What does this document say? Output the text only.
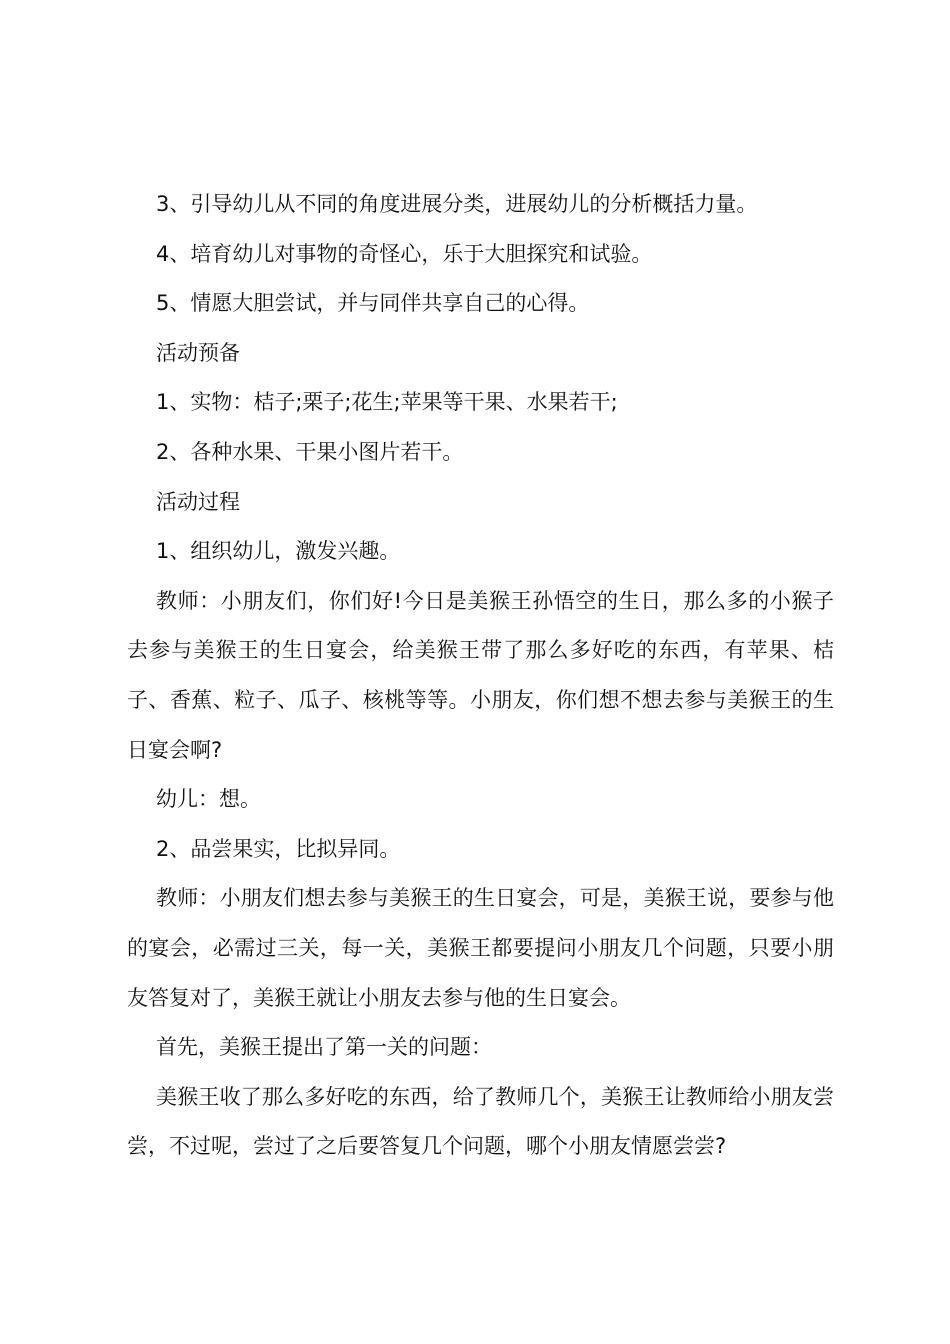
3、引导幼儿从不同的角度进展分类，进展幼儿的分析概括力量。

4、培育幼儿对事物的奇怪心，乐于大胆探究和试验。

5、情愿大胆尝试，并与同伴共享自己的心得。

活动预备

1、实物：桔子;栗子;花生;苹果等干果、水果若干;

2、各种水果、干果小图片若干。

活动过程

1、组织幼儿，激发兴趣。

教师：小朋友们，你们好!今日是美猴王孙悟空的生日，那么多的小猴子去参与美猴王的生日宴会，给美猴王带了那么多好吃的东西，有苹果、桔子、香蕉、粒子、瓜子、核桃等等。小朋友，你们想不想去参与美猴王的生日宴会啊?

幼儿：想。

2、品尝果实，比拟异同。

教师：小朋友们想去参与美猴王的生日宴会，可是，美猴王说，要参与他的宴会，必需过三关，每一关，美猴王都要提问小朋友几个问题，只要小朋友答复对了，美猴王就让小朋友去参与他的生日宴会。

首先，美猴王提出了第一关的问题：

美猴王收了那么多好吃的东西，给了教师几个，美猴王让教师给小朋友尝尝，不过呢，尝过了之后要答复几个问题，哪个小朋友情愿尝尝?
